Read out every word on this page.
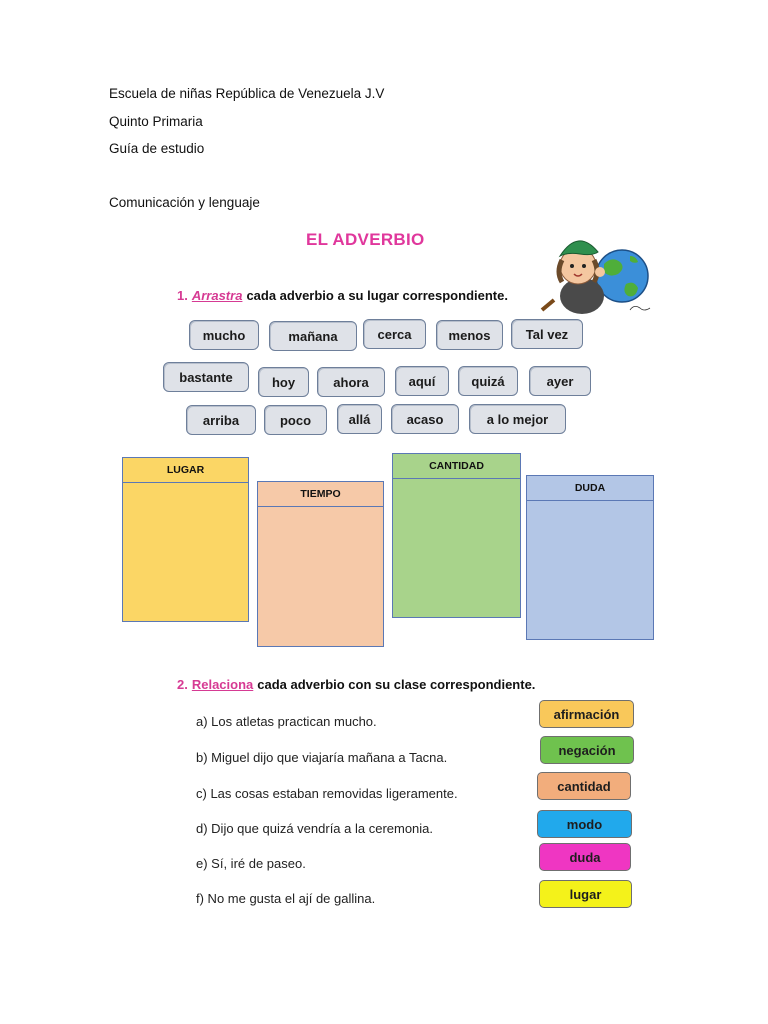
Escuela de niñas República de Venezuela J.V
Quinto Primaria
Guía de estudio
Comunicación y lenguaje
EL ADVERBIO
1. Arrastra cada adverbio a su lugar correspondiente.
mucho	mañana	cerca	menos	Tal vez
bastante	hoy	ahora	aquí	quizá	ayer
arriba	poco	allá	acaso	a lo mejor
LUGAR
TIEMPO
CANTIDAD
DUDA
2. Relaciona cada adverbio con su clase correspondiente.
a) Los atletas practican mucho.
b) Miguel dijo que viajaría mañana a Tacna.
c) Las cosas estaban removidas ligeramente.
d) Dijo que quizá vendría a la ceremonia.
e) Sí, iré de paseo.
f) No me gusta el ají de gallina.
afirmación
negación
cantidad
modo
duda
lugar
